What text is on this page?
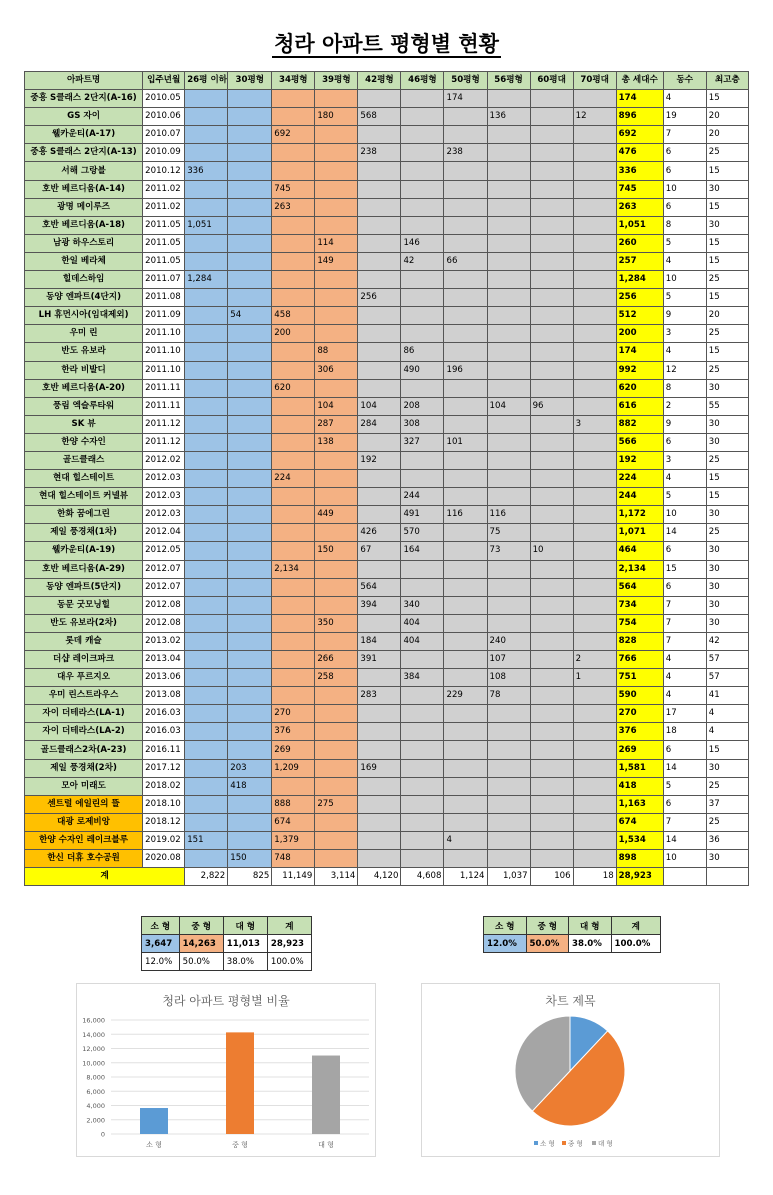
청라 아파트 평형별 현황
아파트명	입주년월	26평 이하	30평형	34평형	39평형	42평형	46평형	50평형	56평형	60평대	70평대	총 세대수	동수	최고층
중흥 S클래스 2단지(A-16)	2010.05							174				174	4	15
GS 자이	2010.06				180	568			136		12	896	19	20
웰카운티(A-17)	2010.07			692								692	7	20
중흥 S클래스 2단지(A-13)	2010.09					238		238				476	6	25
서해 그랑블	2010.12	336										336	6	15
호반 베르디움(A-14)	2011.02			745								745	10	30
광명 메이루즈	2011.02			263								263	6	15
호반 베르디움(A-18)	2011.05	1,051										1,051	8	30
남광 하우스토리	2011.05				114		146					260	5	15
한일 베라체	2011.05				149		42	66				257	4	15
힐데스하임	2011.07	1,284										1,284	10	25
동양 엔파트(4단지)	2011.08					256						256	5	15
LH 휴먼시아(임대제외)	2011.09		54	458								512	9	20
우미 린	2011.10			200								200	3	25
반도 유보라	2011.10				88		86					174	4	15
한라 비발디	2011.10				306		490	196				992	12	25
호반 베르디움(A-20)	2011.11			620								620	8	30
풍림 엑슬루타워	2011.11				104	104	208		104	96		616	2	55
SK 뷰	2011.12				287	284	308				3	882	9	30
한양 수자인	2011.12				138		327	101				566	6	30
골드클래스	2012.02					192						192	3	25
현대 힐스테이트	2012.03			224								224	4	15
현대 힐스테이트 커넬뷰	2012.03						244					244	5	15
한화 꿈에그린	2012.03				449		491	116	116			1,172	10	30
제일 풍경채(1차)	2012.04					426	570		75			1,071	14	25
웰카운티(A-19)	2012.05				150	67	164		73	10		464	6	30
호반 베르디움(A-29)	2012.07			2,134								2,134	15	30
동양 엔파트(5단지)	2012.07					564						564	6	30
동문 굿모닝힐	2012.08					394	340					734	7	30
반도 유보라(2차)	2012.08				350		404					754	7	30
롯데 캐슬	2013.02					184	404		240			828	7	42
더샵 레이크파크	2013.04				266	391			107		2	766	4	57
대우 푸르지오	2013.06				258		384		108		1	751	4	57
우미 린스트라우스	2013.08					283		229	78			590	4	41
자이 더테라스(LA-1)	2016.03			270								270	17	4
자이 더테라스(LA-2)	2016.03			376								376	18	4
골드클래스2차(A-23)	2016.11			269								269	6	15
제일 풍경채(2차)	2017.12		203	1,209		169						1,581	14	30
모아 미래도	2018.02		418									418	5	25
센트럴 에일린의 뜰	2018.10			888	275							1,163	6	37
대광 로제비앙	2018.12			674								674	7	25
한양 수자인 레이크블루	2019.02	151		1,379				4				1,534	14	36
한신 더휴 호수공원	2020.08		150	748								898	10	30
계		2,822	825	11,149	3,114	4,120	4,608	1,124	1,037	106	18	28,923		
소 형	중 형	대 형	계
3,647	14,263	11,013	28,923
12.0%	50.0%	38.0%	100.0%
소 형	중 형	대 형	계
12.0%	50.0%	38.0%	100.0%
청라 아파트 평형별 비율
0
2,000
4,000
6,000
8,000
10,000
12,000
14,000
16,000
소 형	중 형	대 형
차트 제목
소 형 중 형 대 형
